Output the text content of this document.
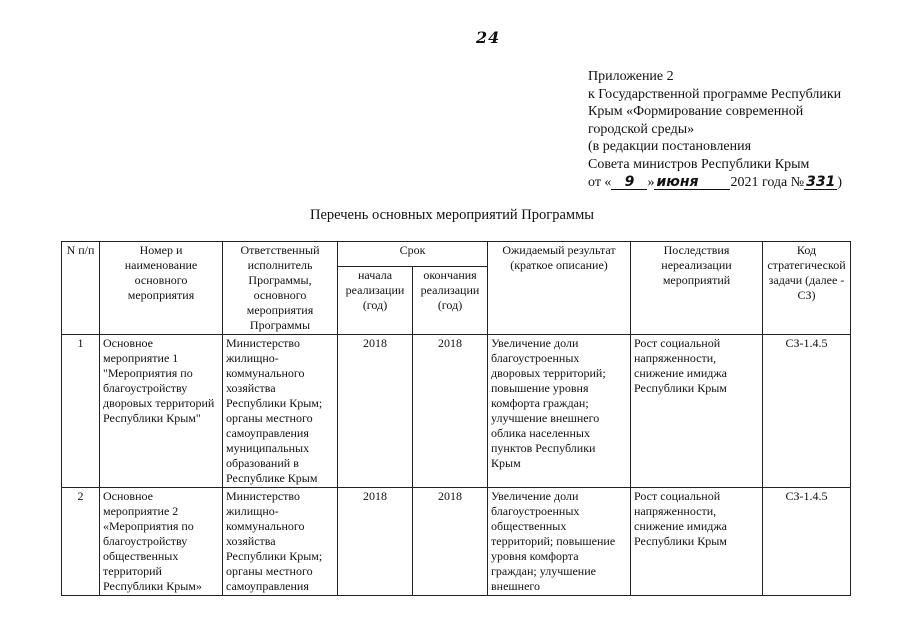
24
Приложение 2
к Государственной программе Республики
Крым «Формирование современной
городской среды»
(в редакции постановления
Совета министров Республики Крым
от « 9 » июня 2021 года № 331 )
Перечень основных мероприятий Программы
N п/п	Номер и наименование основного мероприятия	Ответственный исполнитель Программы, основного мероприятия Программы	Срок		Ожидаемый результат (краткое описание)	Последствия нереализации мероприятий	Код стратегической задачи (далее - СЗ)
			начала реализации (год)	окончания реализации (год)			
1	Основное мероприятие 1 "Мероприятия по благоустройству дворовых территорий Республики Крым"	Министерство жилищно-коммунального хозяйства Республики Крым; органы местного самоуправления муниципальных образований в Республике Крым	2018	2018	Увеличение доли благоустроенных дворовых территорий; повышение уровня комфорта граждан; улучшение внешнего облика населенных пунктов Республики Крым	Рост социальной напряженности, снижение имиджа Республики Крым	СЗ-1.4.5
2	Основное мероприятие 2 «Мероприятия по благоустройству общественных территорий Республики Крым»	Министерство жилищно-коммунального хозяйства Республики Крым; органы местного самоуправления	2018	2018	Увеличение доли благоустроенных общественных территорий; повышение уровня комфорта граждан; улучшение внешнего	Рост социальной напряженности, снижение имиджа Республики Крым	СЗ-1.4.5
